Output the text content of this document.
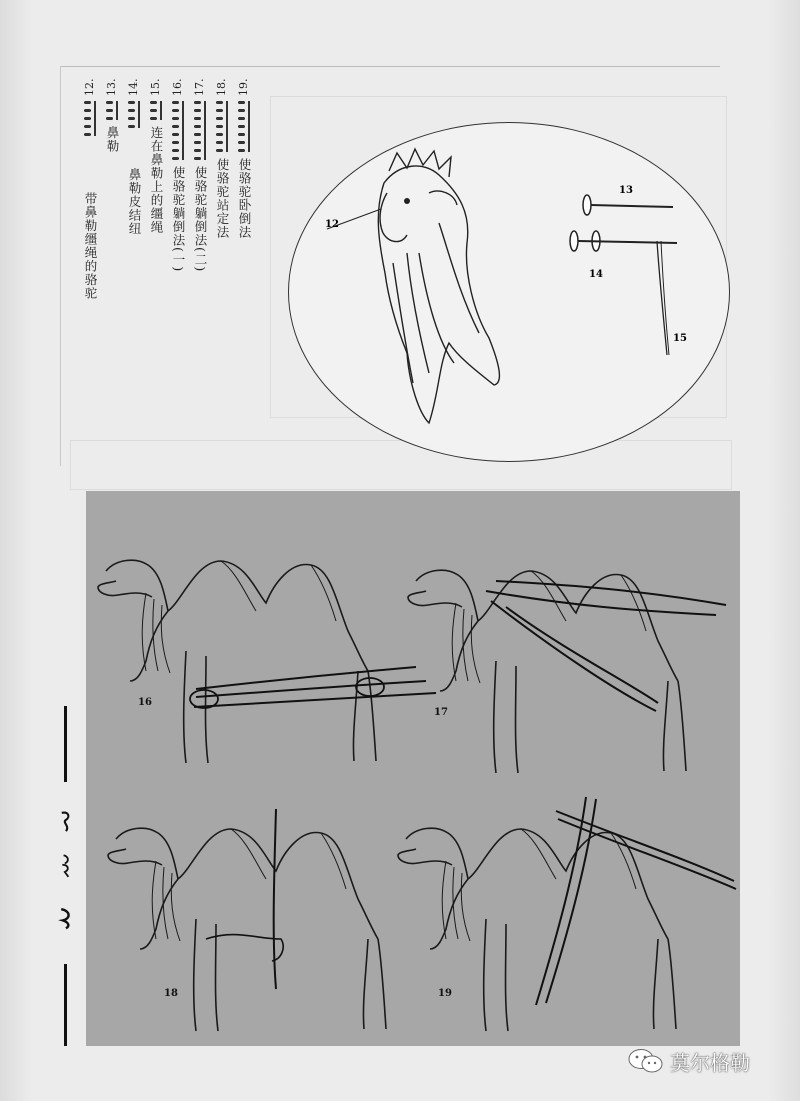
19.
使骆驼卧倒法
18.
使骆驼站定法
17.
使骆驼躺倒法(二)
16.
使骆驼躺倒法(一)
15.
连在鼻勒上的缰绳
14.
鼻勒皮结纽
13.
鼻勒
12.
带鼻勒缰绳的骆驼	12
13
14
15
16
17
18	19
莫尔格勒
